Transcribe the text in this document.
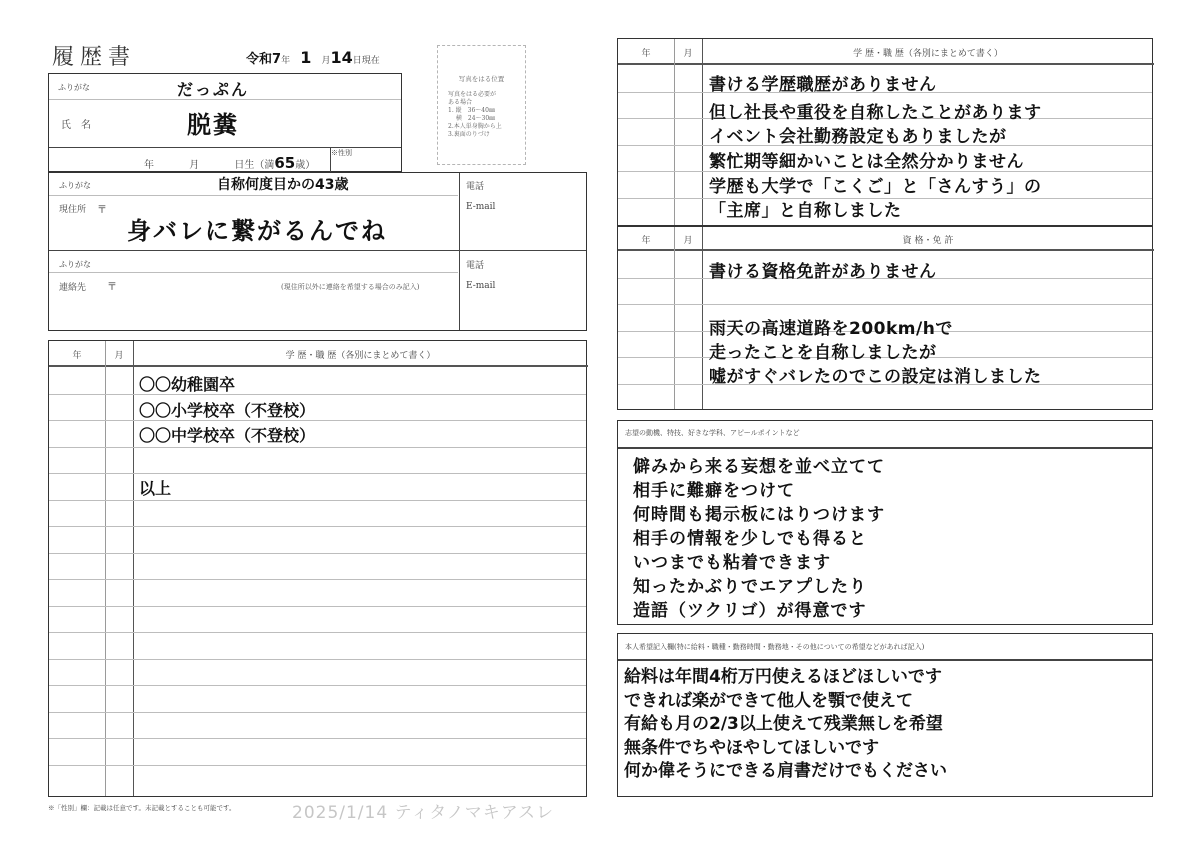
履歴書	令和7年 1 月14日現在
写真をはる位置
写真をはる必要が
ある場合
1. 縦　36〜40㎜
　 横　24〜30㎜
2.本人単身胸から上
3.裏面のりづけ
ふりがな	だっぷん
氏　名	脱糞
※性別
年	月	日生（満65歳）
ふりがな	自称何度目かの43歳	電話
現住所 〒
身バレに繋がるんでね
E-mail
ふりがな	電話
連絡先 〒	(現住所以外に連絡を希望する場合のみ記入)	E-mail
年	月	学 歴・職 歴（各別にまとめて書く）
〇〇幼稚園卒
〇〇小学校卒（不登校）
〇〇中学校卒（不登校）
以上
※「性別」欄：記載は任意です。未記載とすることも可能です。	2025/1/14 ティタノマキアスレ
年	月	学 歴・職 歴（各別にまとめて書く）
書ける学歴職歴がありません
但し社長や重役を自称したことがあります
イベント会社勤務設定もありましたが
繁忙期等細かいことは全然分かりません
学歴も大学で「こくご」と「さんすう」の
「主席」と自称しました
年	月	資 格・免 許
書ける資格免許がありません
雨天の高速道路を200km/hで
走ったことを自称しましたが
嘘がすぐバレたのでこの設定は消しました
志望の動機、特技、好きな学科、アピールポイントなど
僻みから来る妄想を並べ立てて
相手に難癖をつけて
何時間も掲示板にはりつけます
相手の情報を少しでも得ると
いつまでも粘着できます
知ったかぶりでエアプしたり
造語（ツクリゴ）が得意です
本人希望記入欄(特に給料・職種・勤務時間・勤務地・その他についての希望などがあれば記入)
給料は年間4桁万円使えるほどほしいです
できれば楽ができて他人を顎で使えて
有給も月の2/3以上使えて残業無しを希望
無条件でちやほやしてほしいです
何か偉そうにできる肩書だけでもください
